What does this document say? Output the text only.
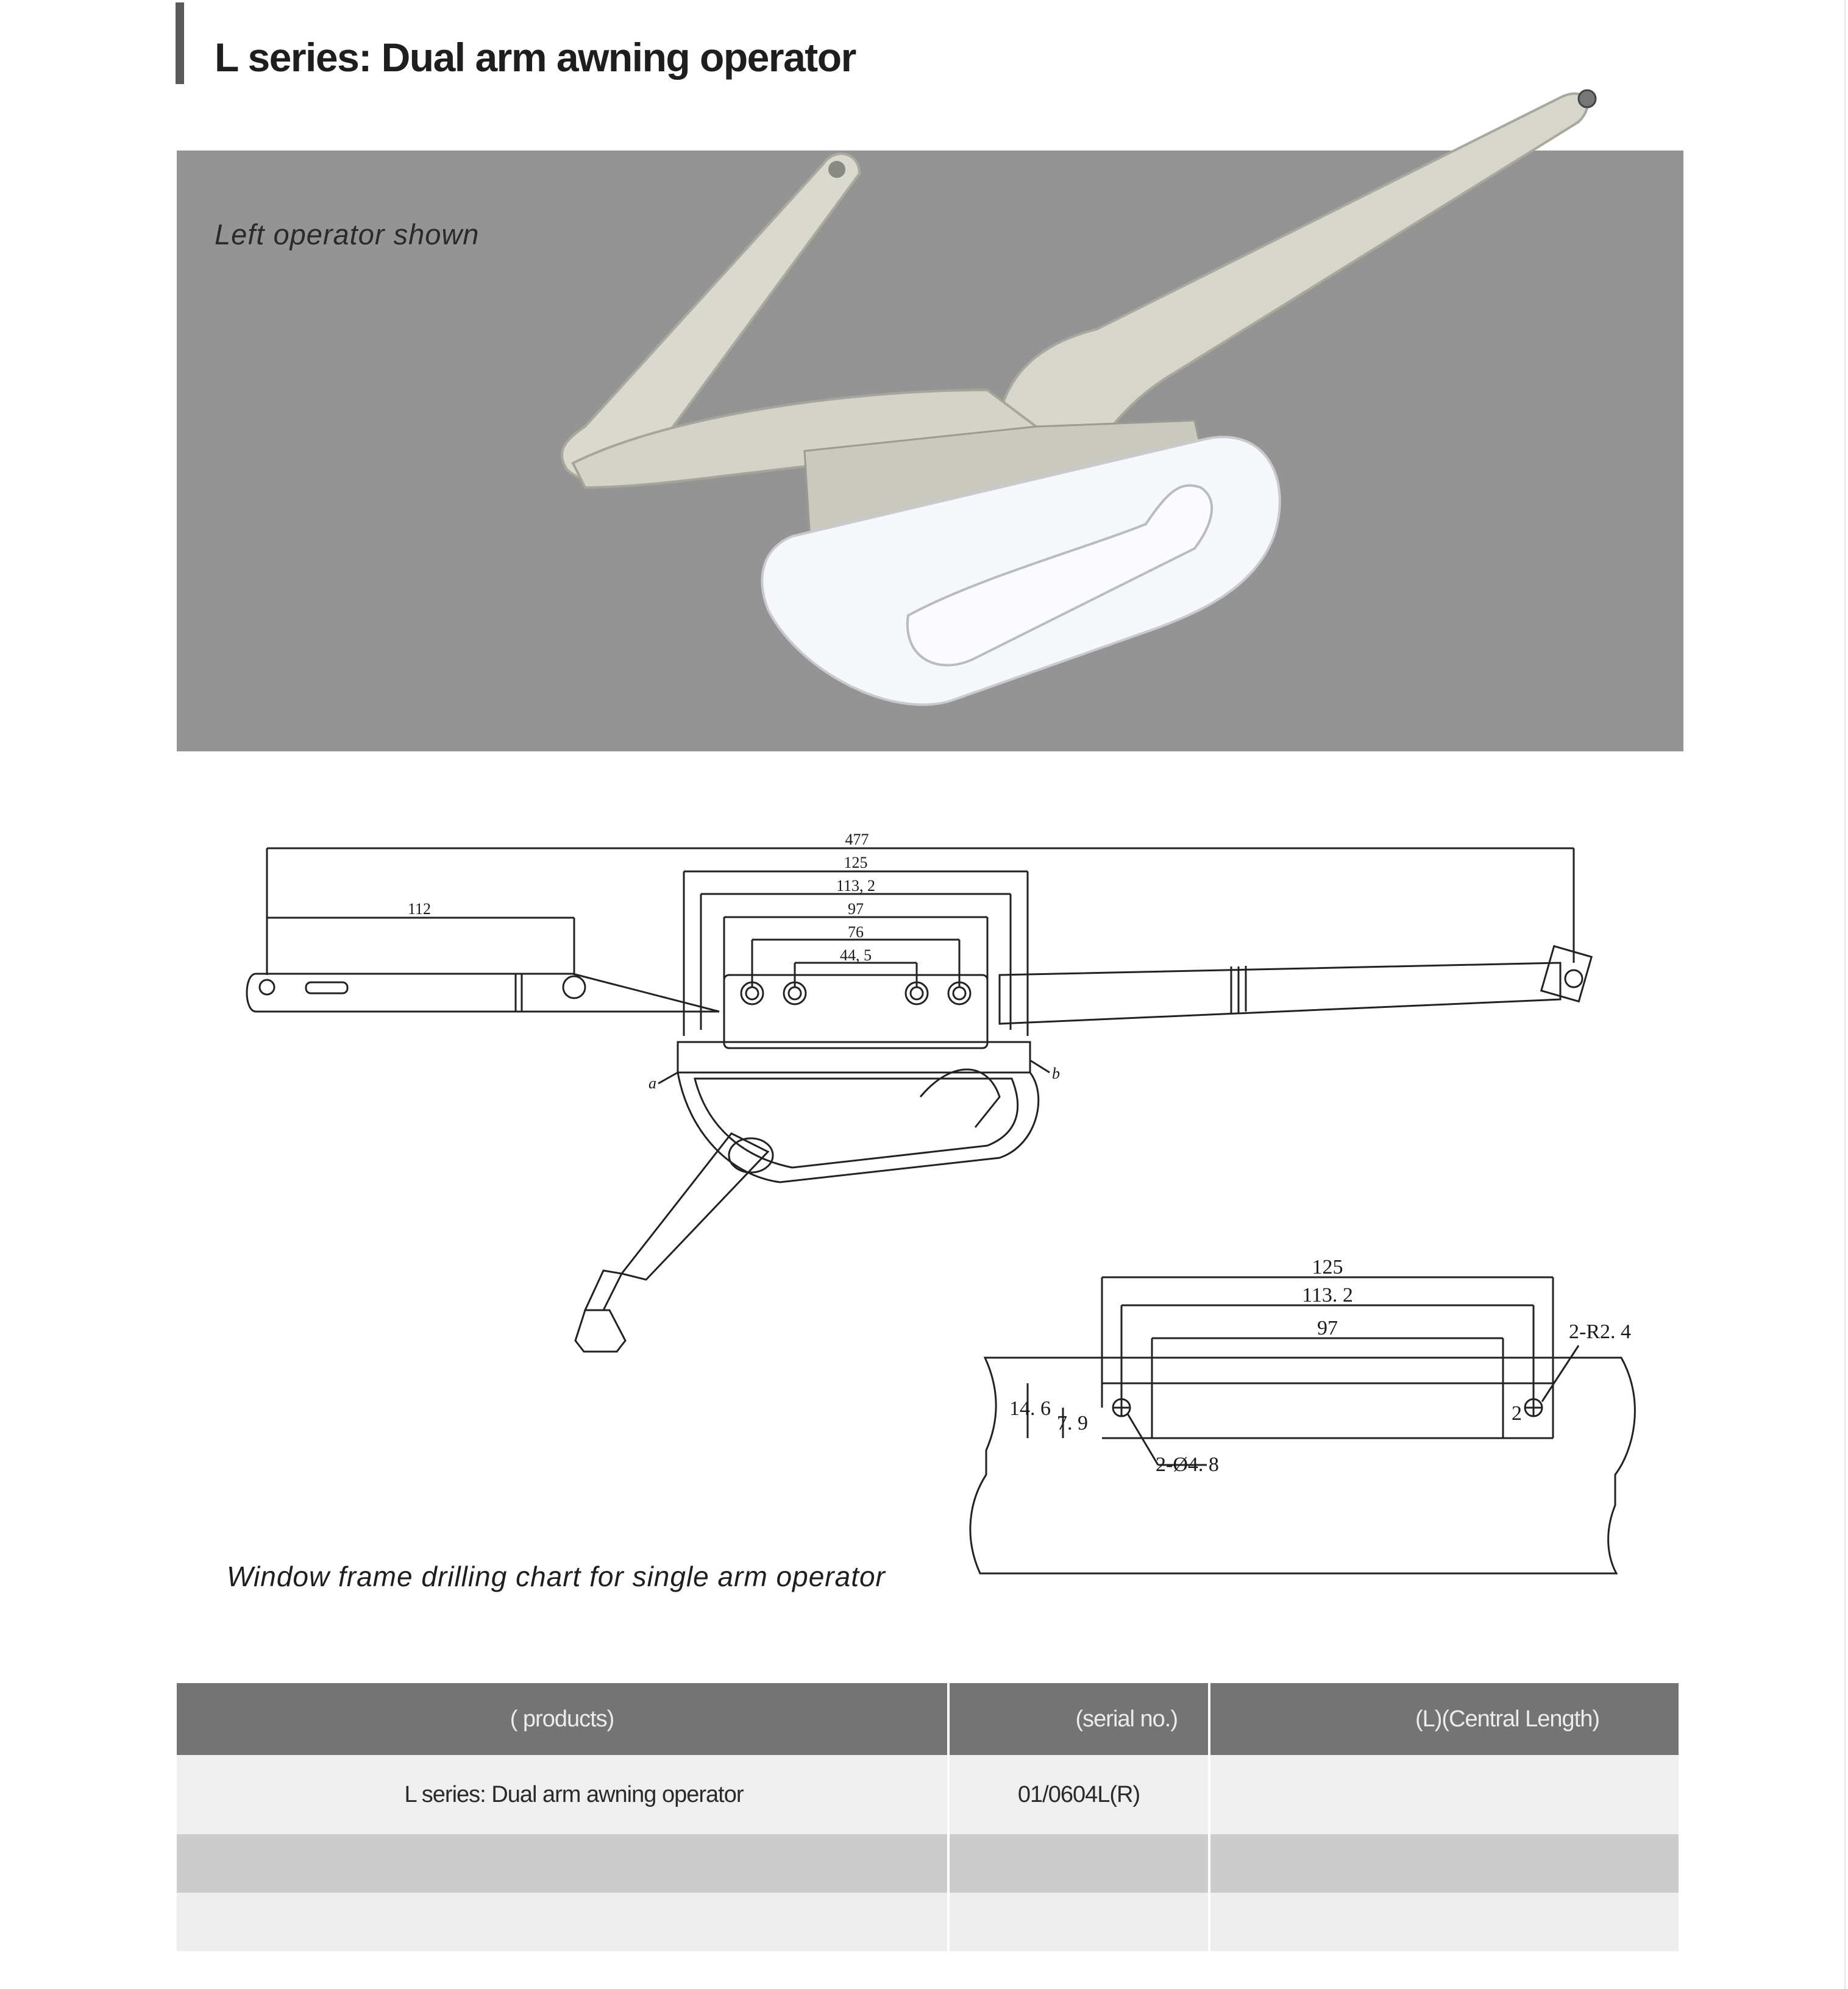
L series: Dual arm awning operator
Left operator shown
477
125
113, 2
97
76
44, 5
112
a
b
125
113. 2
97	2-R2. 4
14. 6
7. 9
2-Ø4. 8
2
Window frame drilling chart for single arm operator
( products)	(serial no.)	(L)(Central Length)
L series: Dual arm awning operator	01/0604L(R)	
